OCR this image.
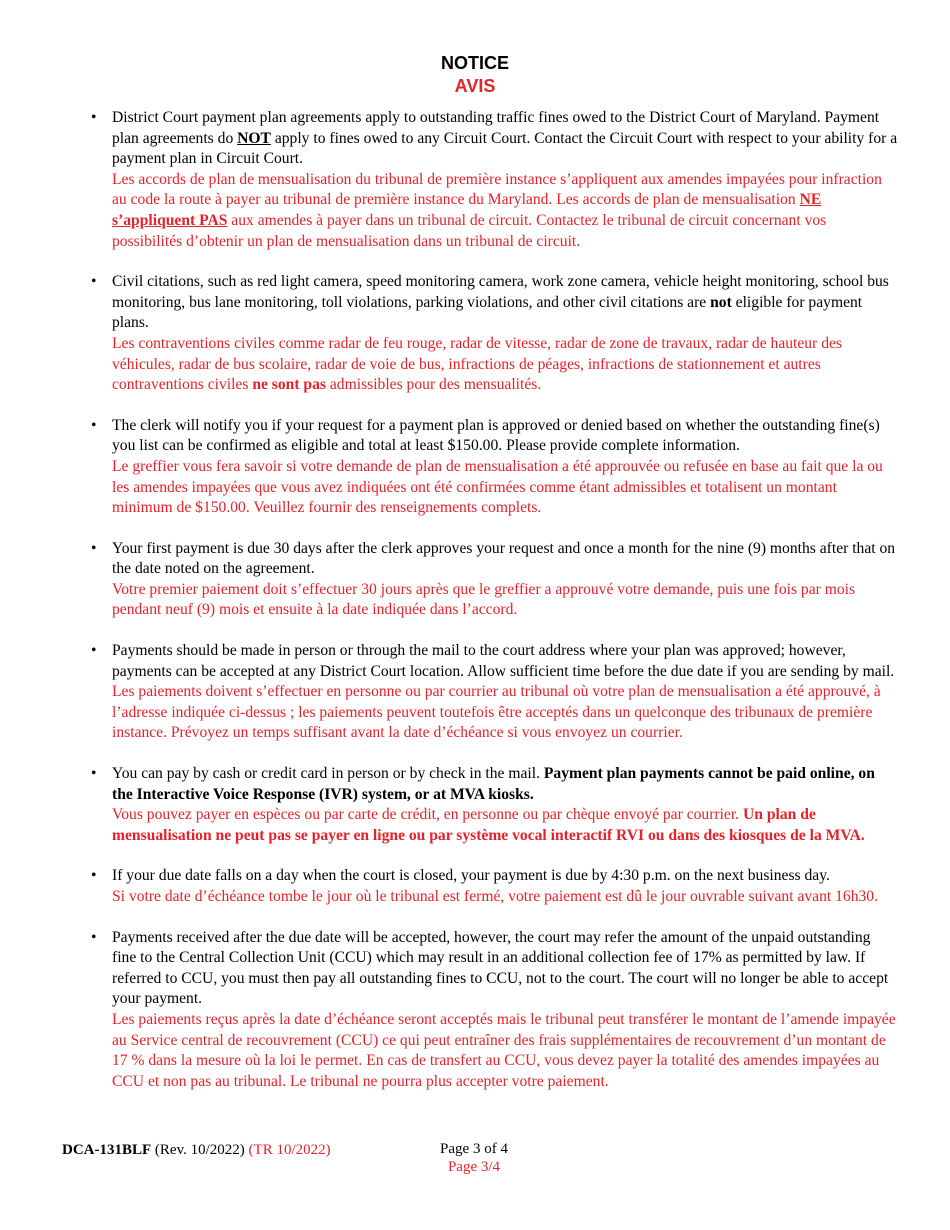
NOTICE
AVIS
• District Court payment plan agreements apply to outstanding traffic fines owed to the District Court of Maryland. Payment plan agreements do NOT apply to fines owed to any Circuit Court. Contact the Circuit Court with respect to your ability for a payment plan in Circuit Court.
Les accords de plan de mensualisation du tribunal de première instance s’appliquent aux amendes impayées pour infraction au code la route à payer au tribunal de première instance du Maryland. Les accords de plan de mensualisation NE s’appliquent PAS aux amendes à payer dans un tribunal de circuit. Contactez le tribunal de circuit concernant vos possibilités d’obtenir un plan de mensualisation dans un tribunal de circuit.
• Civil citations, such as red light camera, speed monitoring camera, work zone camera, vehicle height monitoring, school bus monitoring, bus lane monitoring, toll violations, parking violations, and other civil citations are not eligible for payment plans.
Les contraventions civiles comme radar de feu rouge, radar de vitesse, radar de zone de travaux, radar de hauteur des véhicules, radar de bus scolaire, radar de voie de bus, infractions de péages, infractions de stationnement et autres contraventions civiles ne sont pas admissibles pour des mensualités.
• The clerk will notify you if your request for a payment plan is approved or denied based on whether the outstanding fine(s) you list can be confirmed as eligible and total at least $150.00. Please provide complete information.
Le greffier vous fera savoir si votre demande de plan de mensualisation a été approuvée ou refusée en base au fait que la ou les amendes impayées que vous avez indiquées ont été confirmées comme étant admissibles et totalisent un montant minimum de $150.00. Veuillez fournir des renseignements complets.
• Your first payment is due 30 days after the clerk approves your request and once a month for the nine (9) months after that on the date noted on the agreement.
Votre premier paiement doit s’effectuer 30 jours après que le greffier a approuvé votre demande, puis une fois par mois pendant neuf (9) mois et ensuite à la date indiquée dans l’accord.
• Payments should be made in person or through the mail to the court address where your plan was approved; however, payments can be accepted at any District Court location. Allow sufficient time before the due date if you are sending by mail.
Les paiements doivent s’effectuer en personne ou par courrier au tribunal où votre plan de mensualisation a été approuvé, à l’adresse indiquée ci-dessus ; les paiements peuvent toutefois être acceptés dans un quelconque des tribunaux de première instance. Prévoyez un temps suffisant avant la date d’échéance si vous envoyez un courrier.
• You can pay by cash or credit card in person or by check in the mail. Payment plan payments cannot be paid online, on the Interactive Voice Response (IVR) system, or at MVA kiosks.
Vous pouvez payer en espèces ou par carte de crédit, en personne ou par chèque envoyé par courrier. Un plan de mensualisation ne peut pas se payer en ligne ou par système vocal interactif RVI ou dans des kiosques de la MVA.
• If your due date falls on a day when the court is closed, your payment is due by 4:30 p.m. on the next business day.
Si votre date d’échéance tombe le jour où le tribunal est fermé, votre paiement est dû le jour ouvrable suivant avant 16h30.
• Payments received after the due date will be accepted, however, the court may refer the amount of the unpaid outstanding fine to the Central Collection Unit (CCU) which may result in an additional collection fee of 17% as permitted by law. If referred to CCU, you must then pay all outstanding fines to CCU, not to the court. The court will no longer be able to accept your payment.
Les paiements reçus après la date d’échéance seront acceptés mais le tribunal peut transférer le montant de l’amende impayée au Service central de recouvrement (CCU) ce qui peut entraîner des frais supplémentaires de recouvrement d’un montant de 17 % dans la mesure où la loi le permet. En cas de transfert au CCU, vous devez payer la totalité des amendes impayées au CCU et non pas au tribunal. Le tribunal ne pourra plus accepter votre paiement.
DCA-131BLF (Rev. 10/2022) (TR 10/2022)	Page 3 of 4
Page 3/4
